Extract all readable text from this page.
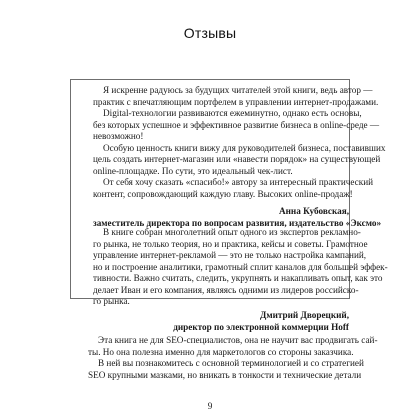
Отзывы
Я искренне радуюсь за будущих читателей этой книги, ведь автор —
практик с впечатляющим портфелем в управлении интернет-продажами.
Digital-технологии развиваются ежеминутно, однако есть основы,
без которых успешное и эффективное развитие бизнеса в online-среде —
невозможно!
Особую ценность книги вижу для руководителей бизнеса, поставивших
цель создать интернет-магазин или «навести порядок» на существующей
online-площадке. По сути, это идеальный чек-лист.
От себя хочу сказать «спасибо!» автору за интересный практический
контент, сопровождающий каждую главу. Высоких online-продаж!
Анна Кубовская,
заместитель директора по вопросам развития, издательство «Эксмо»
В книге собран многолетний опыт одного из экспертов рекламно-
го рынка, не только теория, но и практика, кейсы и советы. Грамотное
управление интернет-рекламой — это не только настройка кампаний,
но и построение аналитики, грамотный сплит каналов для большей эффек-
тивности. Важно считать, следить, укрупнять и накапливать опыт, как это
делает Иван и его компания, являясь одними из лидеров российско-
го рынка.
Дмитрий Дворецкий,
директор по электронной коммерции Hoff
Эта книга не для SEO-специалистов, она не научит вас продвигать сай-
ты. Но она полезна именно для маркетологов со стороны заказчика.
В ней вы познакомитесь с основной терминологией и со стратегией
SEO крупными мазками, но вникать в тонкости и технические детали
9
